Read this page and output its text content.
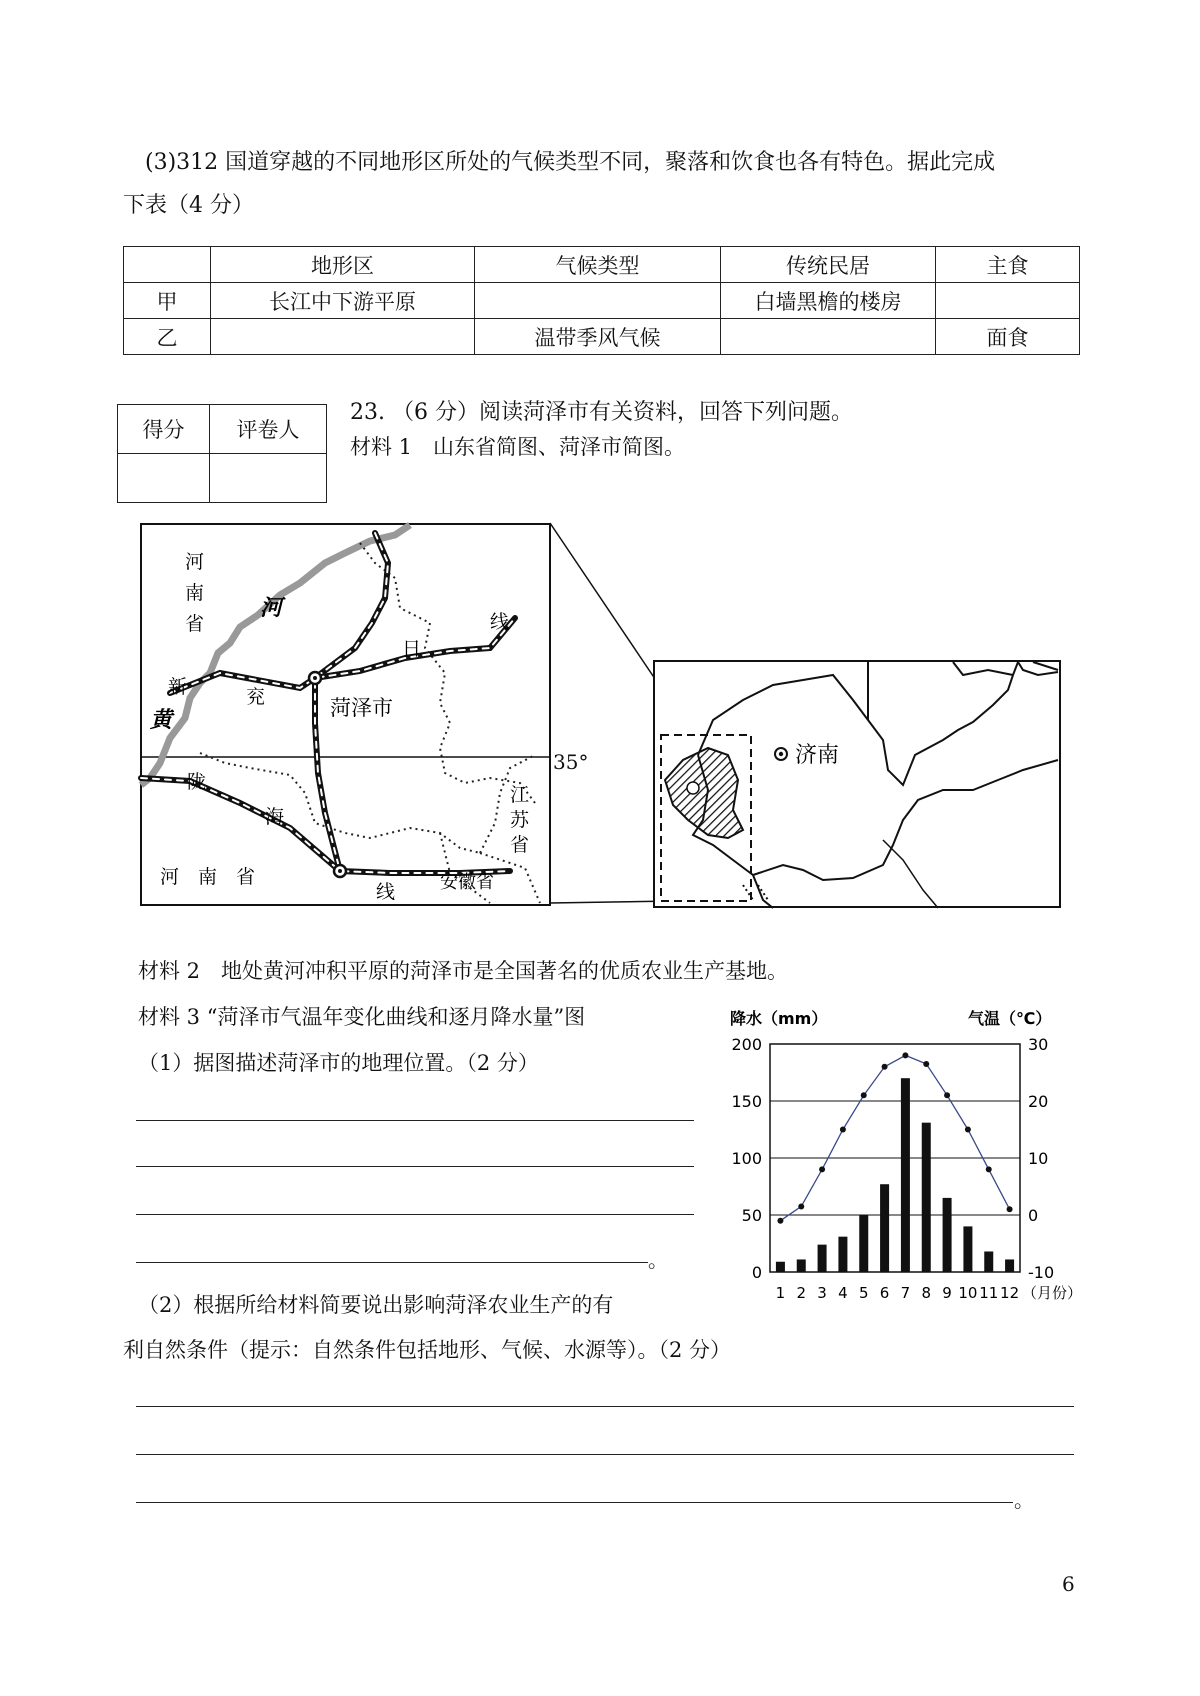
(3)312 国道穿越的不同地形区所处的气候类型不同，聚落和饮食也各有特色。据此完成
下表（4 分）
	地形区	气候类型	传统民居	主食
甲	长江中下游平原		白墙黑檐的楼房	
乙		温带季风气候		面食
得分	评卷人

23. （6 分）阅读菏泽市有关资料，回答下列问题。
材料 1　山东省简图、菏泽市简图。
河南省
河
黄
新	兖
日
线
菏泽市
陇
海
线
河　南　省	安徽省
江苏省
35°	济南
材料 2　地处黄河冲积平原的菏泽市是全国著名的优质农业生产基地。
材料 3 “菏泽市气温年变化曲线和逐月降水量”图
（1）据图描述菏泽市的地理位置。（2 分）
。
降水（mm）	气温（℃）
0
50
100
150
200
-10
0
10
20
30
1 2 3 4 5 6 7 8 9 10 11 12 （月份）
（2）根据所给材料简要说出影响菏泽农业生产的有
利自然条件（提示：自然条件包括地形、气候、水源等）。（2 分）
。
6
